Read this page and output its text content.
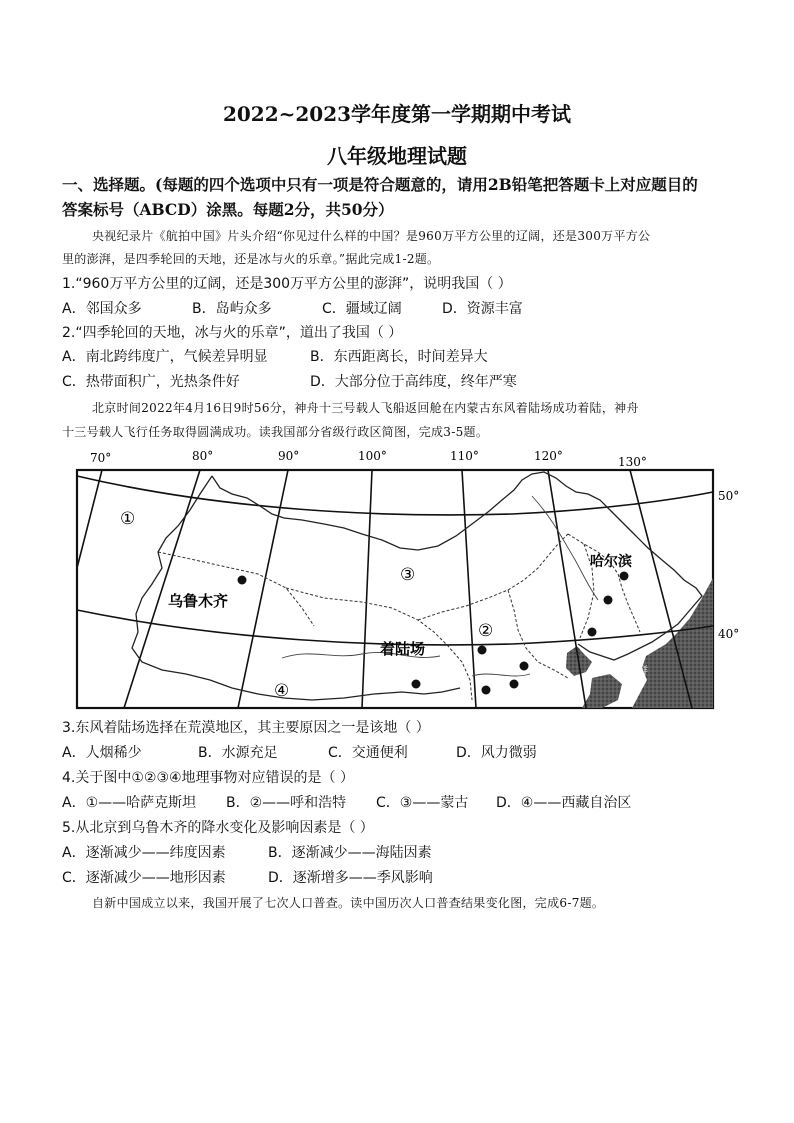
2022~2023学年度第一学期期中考试
八年级地理试题
一、选择题。(每题的四个选项中只有一项是符合题意的，请用2B铅笔把答题卡上对应题目的
答案标号（ABCD）涂黑。每题2分，共50分）
央视纪录片《航拍中国》片头介绍“你见过什么样的中国？是960万平方公里的辽阔，还是300万平方公
里的澎湃，是四季轮回的天地，还是冰与火的乐章。”据此完成1-2题。
1.“960万平方公里的辽阔，还是300万平方公里的澎湃”，说明我国（ ）
A．邻国众多	B．岛屿众多	C．疆域辽阔	D．资源丰富
2.“四季轮回的天地，冰与火的乐章”，道出了我国（ ）
A．南北跨纬度广，气候差异明显	B．东西距离长，时间差异大
C．热带面积广，光热条件好	D．大部分位于高纬度，终年严寒
北京时间2022年4月16日9时56分，神舟十三号载人飞船返回舱在内蒙古东风着陆场成功着陆，神舟
十三号载人飞行任务取得圆满成功。读我国部分省级行政区简图，完成3-5题。
70°	80°	90°	100°	110°	120°	130°
50°
40°
①
②
③
④
乌鲁木齐
哈尔滨
着陆场	朝
鲜
3.东风着陆场选择在荒漠地区，其主要原因之一是该地（ ）
A．人烟稀少	B．水源充足	C．交通便利	D．风力微弱
4.关于图中①②③④地理事物对应错误的是（ ）
A．①——哈萨克斯坦 B．②——呼和浩特 C．③——蒙古 D．④——西藏自治区
5.从北京到乌鲁木齐的降水变化及影响因素是（ ）
A．逐渐减少——纬度因素	B．逐渐减少——海陆因素
C．逐渐减少——地形因素	D．逐渐增多——季风影响
自新中国成立以来，我国开展了七次人口普查。读中国历次人口普查结果变化图，完成6-7题。
